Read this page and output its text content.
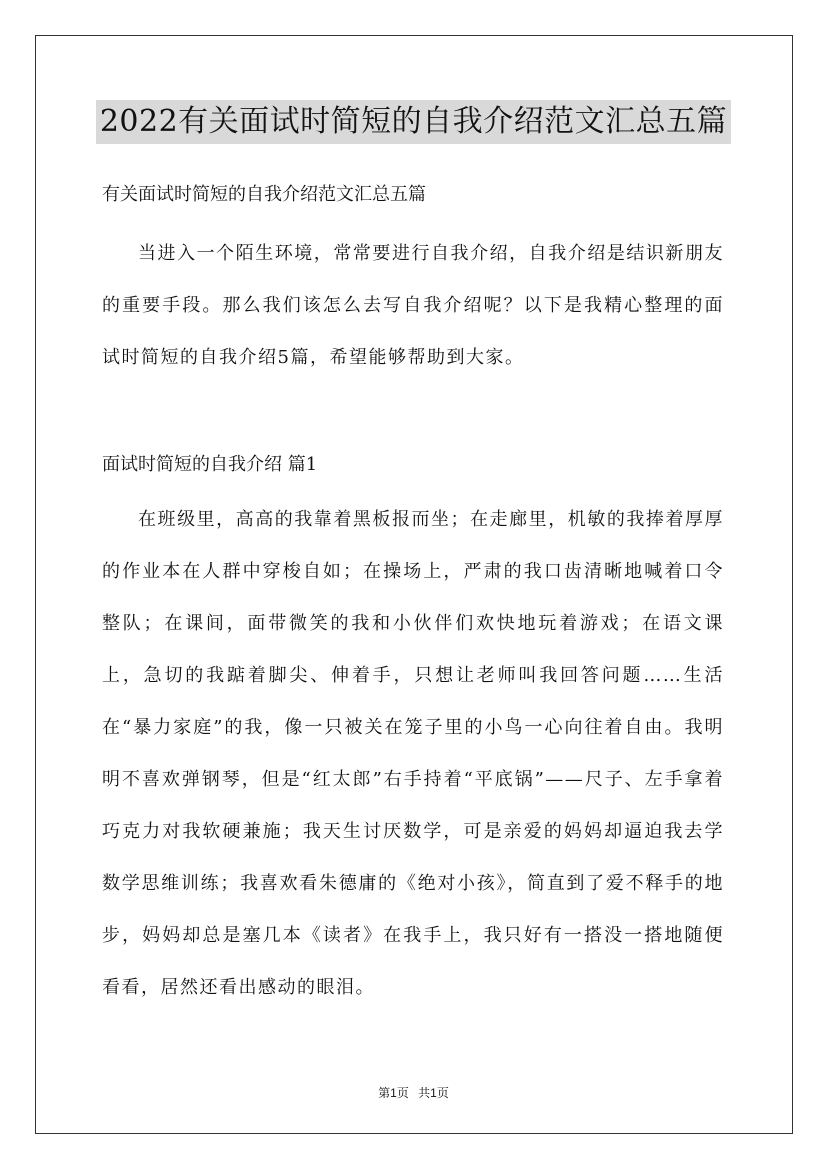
2022有关面试时简短的自我介绍范文汇总五篇
有关面试时简短的自我介绍范文汇总五篇
当进入一个陌生环境，常常要进行自我介绍，自我介绍是结识新朋友的重要手段。那么我们该怎么去写自我介绍呢？以下是我精心整理的面试时简短的自我介绍5篇，希望能够帮助到大家。
面试时简短的自我介绍 篇1
在班级里，高高的我靠着黑板报而坐；在走廊里，机敏的我捧着厚厚的作业本在人群中穿梭自如；在操场上，严肃的我口齿清晰地喊着口令整队；在课间，面带微笑的我和小伙伴们欢快地玩着游戏；在语文课上，急切的我踮着脚尖、伸着手，只想让老师叫我回答问题……生活在“暴力家庭”的我，像一只被关在笼子里的小鸟一心向往着自由。我明明不喜欢弹钢琴，但是“红太郎”右手持着“平底锅”——尺子、左手拿着巧克力对我软硬兼施；我天生讨厌数学，可是亲爱的妈妈却逼迫我去学数学思维训练；我喜欢看朱德庸的《绝对小孩》，简直到了爱不释手的地步，妈妈却总是塞几本《读者》在我手上，我只好有一搭没一搭地随便看看，居然还看出感动的眼泪。
第1页 共1页
